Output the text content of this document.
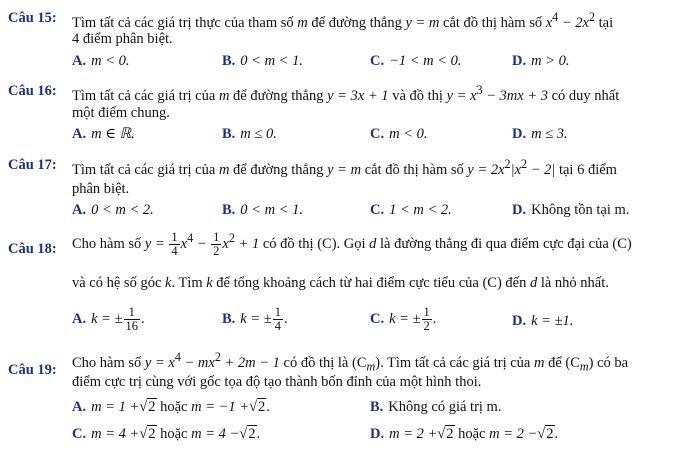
Câu 15: Tìm tất cả các giá trị thực của tham số m để đường thẳng y = m cắt đồ thị hàm số $x^4 - 2x^2$ tại
4 điểm phân biệt.
A. m < 0.	B. 0 < m < 1.	C. −1 < m < 0.	D. m > 0.
Câu 16: Tìm tất cả các giá trị của m để đường thẳng y = 3x + 1 và đồ thị $y = x^3 - 3mx + 3$ có duy nhất
một điểm chung.
A. m ∈ ℝ.	B. m ≤ 0.	C. m < 0.	D. m ≤ 3.
Câu 17: Tìm tất cả các giá trị của m để đường thẳng y = m cắt đồ thị hàm số $y = 2x^2|x^2 - 2|$ tại 6 điểm
phân biệt.
A. 0 < m < 2.	B. 0 < m < 1.	C. 1 < m < 2.	D. Không tồn tại m.
Câu 18: Cho hàm số $y = \frac{1}{4} x^4 - \frac{1}{2} x^2 + 1$ có đồ thị (C). Gọi d là đường thẳng đi qua điểm cực đại của (C)
và có hệ số góc k. Tìm k để tổng khoảng cách từ hai điểm cực tiểu của (C) đến d là nhỏ nhất.
A. k = ± $\frac{1}{16}$ .	B. k = ± $\frac{1}{4}$ .	C. k = ± $\frac{1}{2}$ .	D. k = ±1.
Câu 19: Cho hàm số $y = x^4 - mx^2 + 2m - 1$ có đồ thị là $(C_m)$. Tìm tất cả các giá trị của m để $(C_m)$ có ba
điểm cực trị cùng với gốc tọa độ tạo thành bốn đỉnh của một hình thoi.
A. m = 1 +√2 hoặc m = −1 +√2.	B. Không có giá trị m.
C. m = 4 +√2 hoặc m = 4 −√2.	D. m = 2 +√2 hoặc m = 2 −√2.
